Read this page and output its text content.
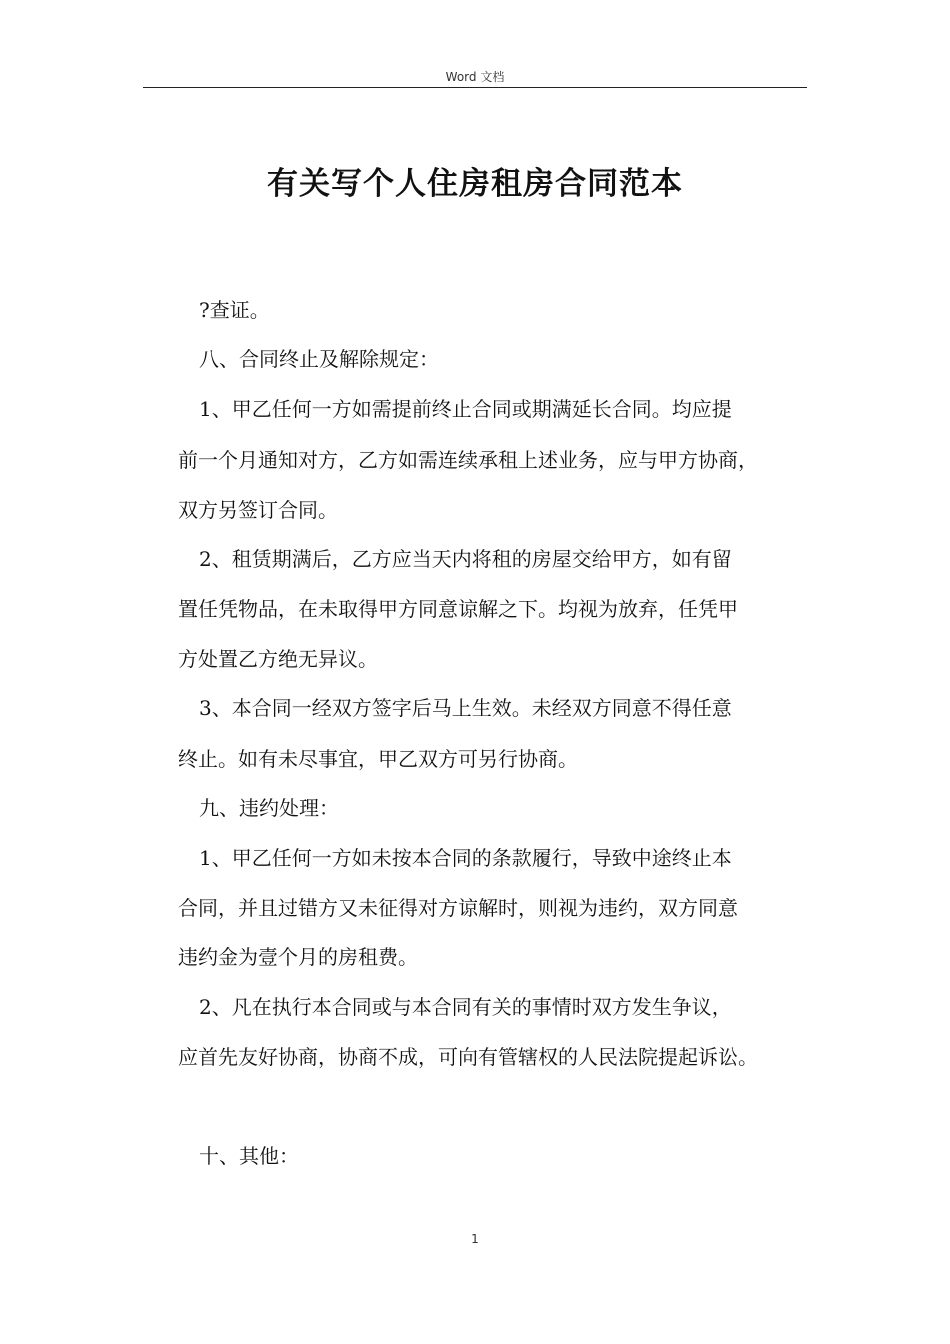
Word 文档
有关写个人住房租房合同范本
?查证。
八、合同终止及解除规定：
1、甲乙任何一方如需提前终止合同或期满延长合同。均应提
前一个月通知对方，乙方如需连续承租上述业务，应与甲方协商，
双方另签订合同。
2、租赁期满后，乙方应当天内将租的房屋交给甲方，如有留
置任凭物品，在未取得甲方同意谅解之下。均视为放弃，任凭甲
方处置乙方绝无异议。
3、本合同一经双方签字后马上生效。未经双方同意不得任意
终止。如有未尽事宜，甲乙双方可另行协商。
九、违约处理：
1、甲乙任何一方如未按本合同的条款履行，导致中途终止本
合同，并且过错方又未征得对方谅解时，则视为违约，双方同意
违约金为壹个月的房租费。
2、凡在执行本合同或与本合同有关的事情时双方发生争议，
应首先友好协商，协商不成，可向有管辖权的人民法院提起诉讼。
十、其他：
1
